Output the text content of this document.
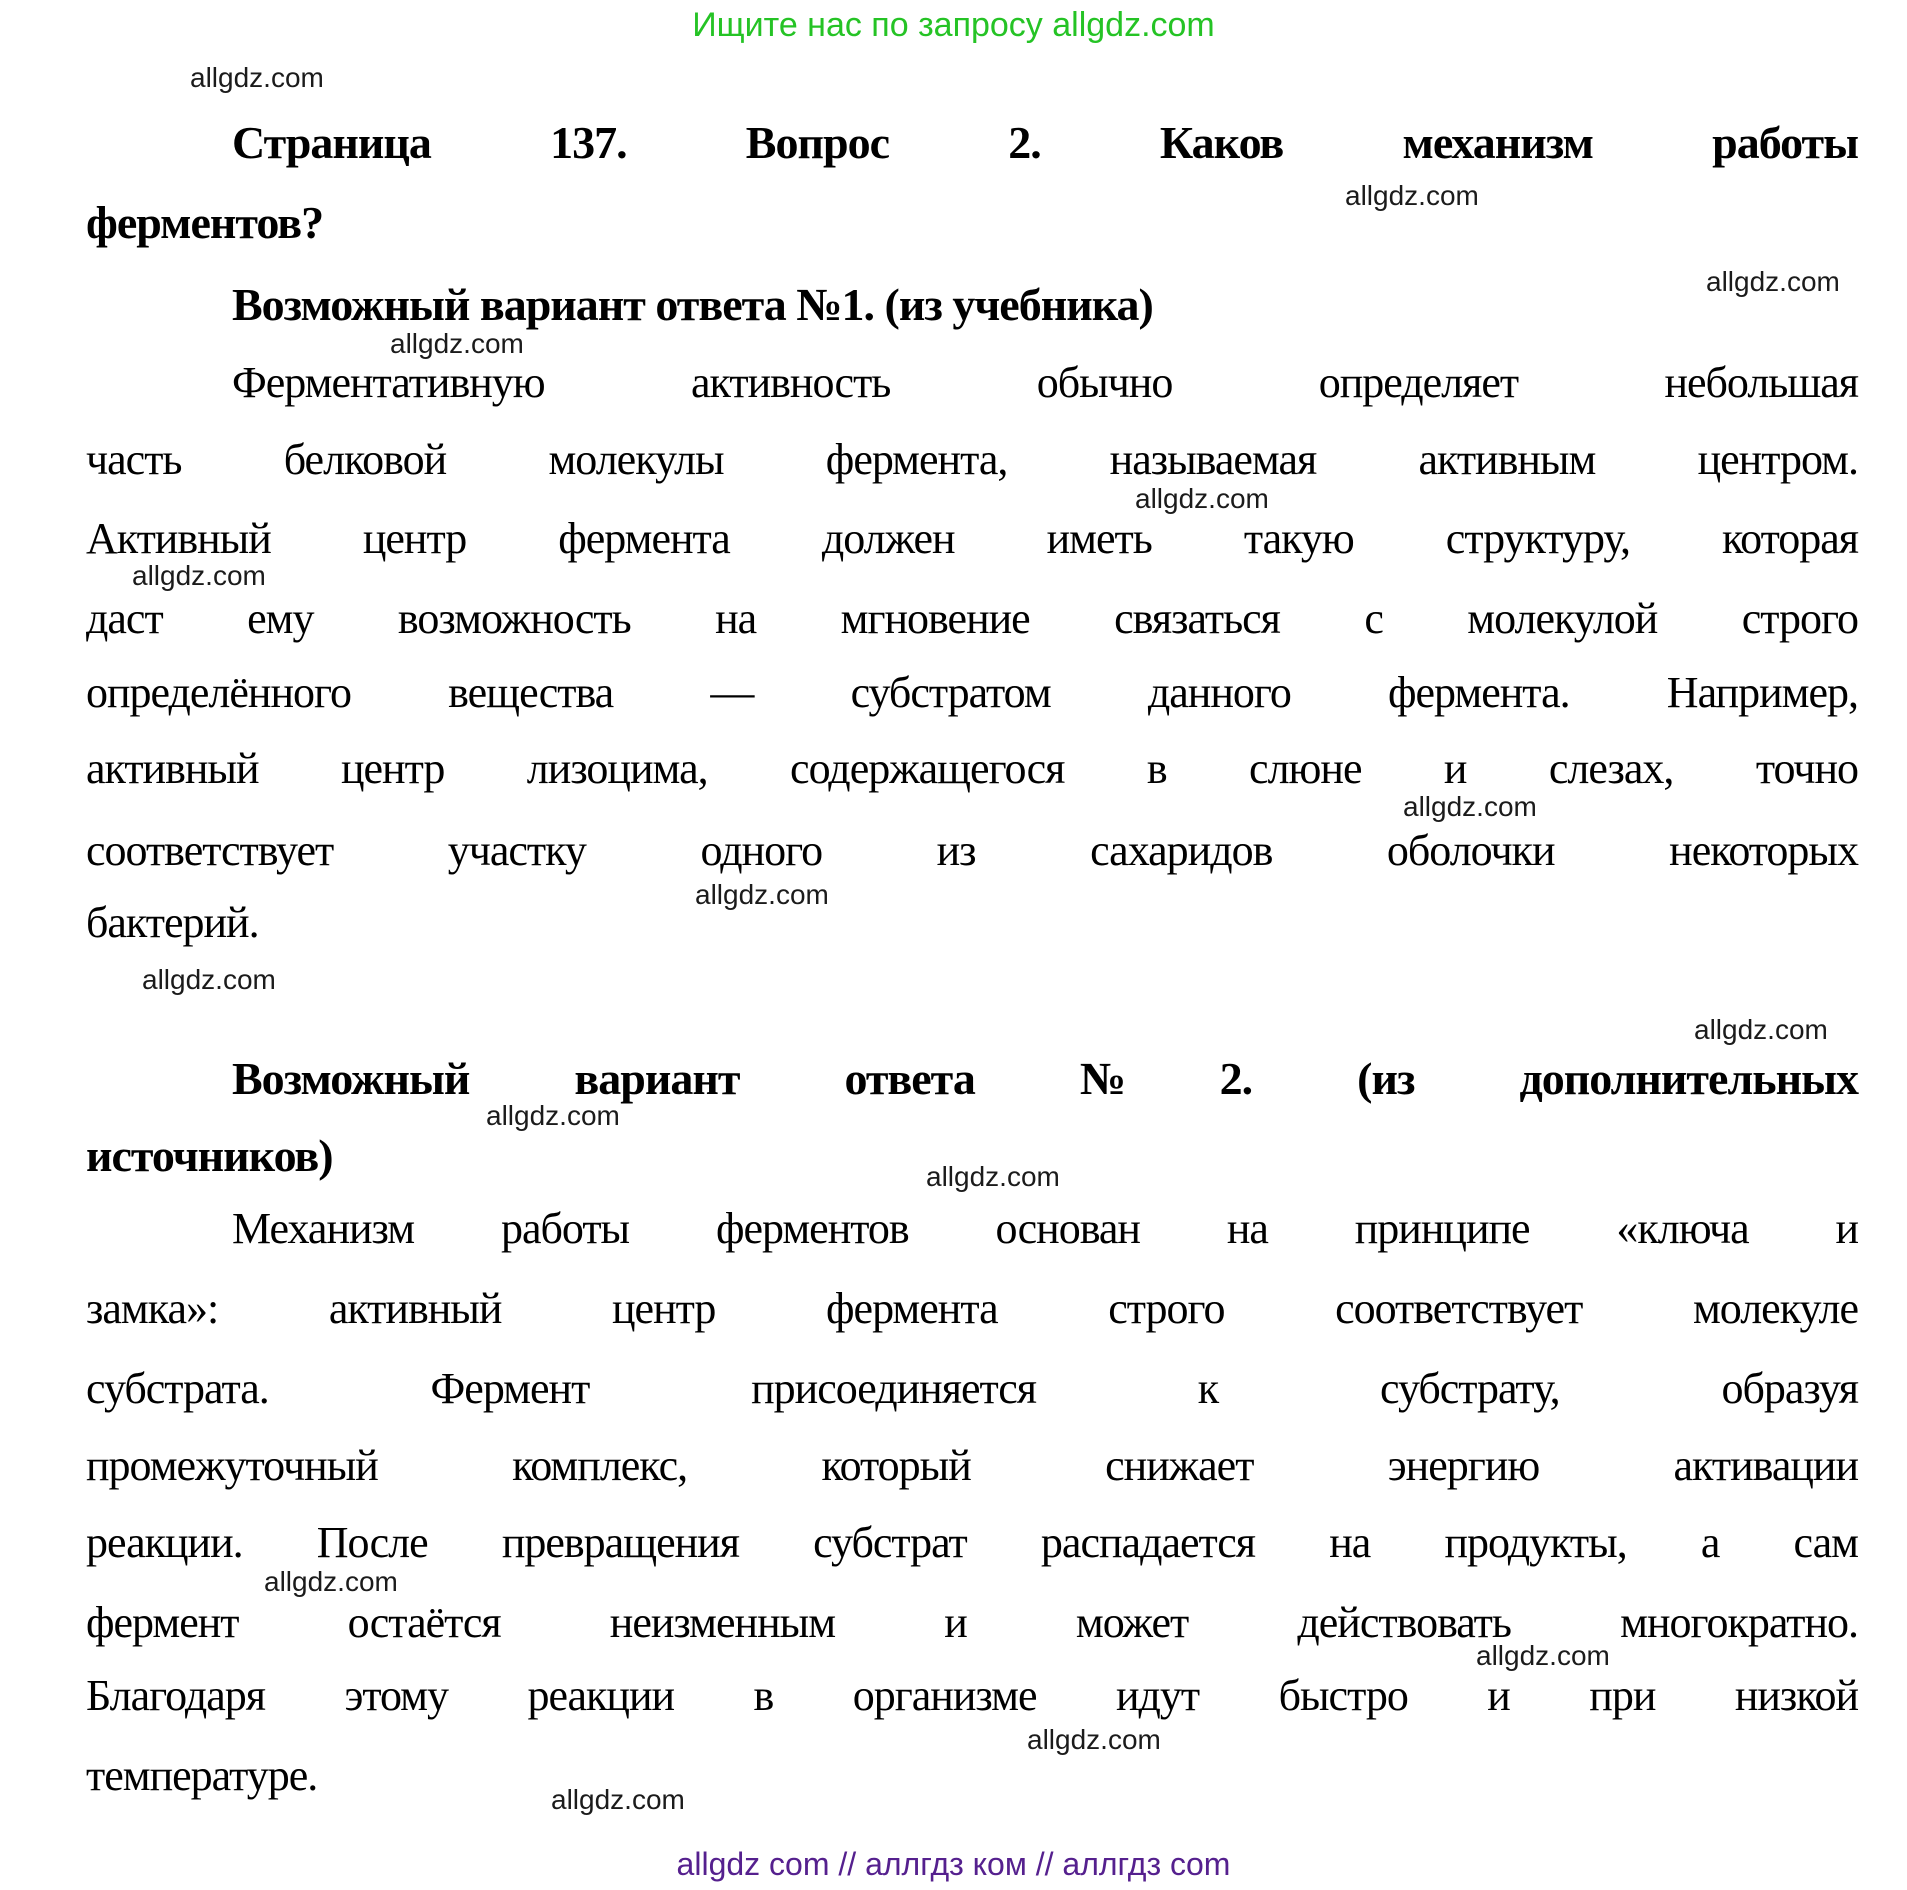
Ищите нас по запросу allgdz.com
allgdz.com
allgdz.com
allgdz.com
allgdz.com
allgdz.com
allgdz.com
allgdz.com
allgdz.com
allgdz.com
allgdz.com
allgdz.com
allgdz.com
allgdz.com
allgdz.com
allgdz.com
allgdz.com
Страница 137. Вопрос 2. Каков механизм работы
ферментов?
Возможный вариант ответа №1. (из учебника)
Ферментативную активность обычно определяет небольшая
часть белковой молекулы фермента, называемая активным центром.
Активный центр фермента должен иметь такую структуру, которая
даст ему возможность на мгновение связаться с молекулой строго
определённого вещества — субстратом данного фермента. Например,
активный центр лизоцима, содержащегося в слюне и слезах, точно
соответствует участку одного из сахаридов оболочки некоторых
бактерий.
Возможный вариант ответа №2. (из дополнительных
источников)
Механизм работы ферментов основан на принципе «ключа и
замка»: активный центр фермента строго соответствует молекуле
субстрата. Фермент присоединяется к субстрату, образуя
промежуточный комплекс, который снижает энергию активации
реакции. После превращения субстрат распадается на продукты, а сам
фермент остаётся неизменным и может действовать многократно.
Благодаря этому реакции в организме идут быстро и при низкой
температуре.
allgdz com // аллгдз ком // аллгдз com
